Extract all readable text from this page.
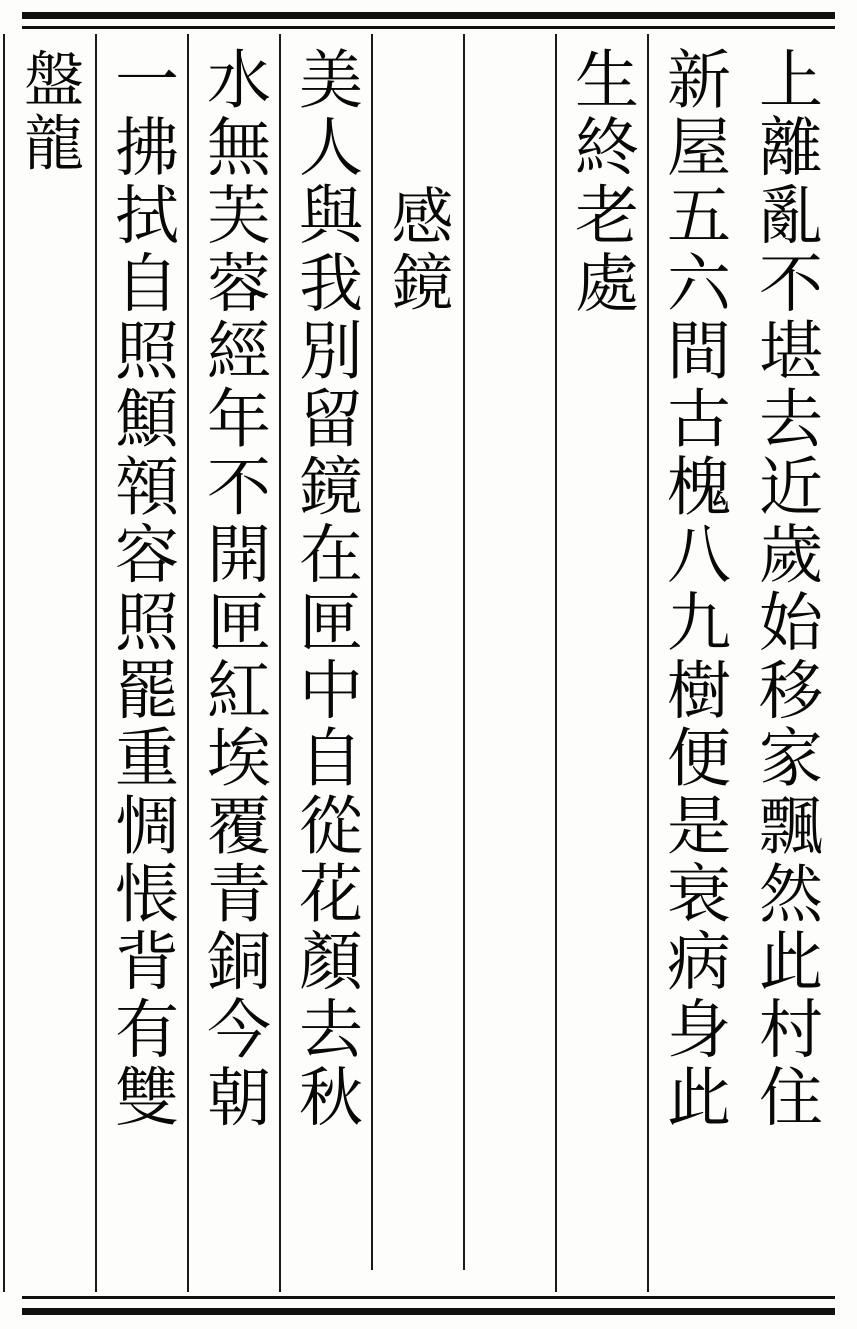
上離亂不堪去近歲始移家飄然此村住
新屋五六間古槐八九樹便是衰病身此
生終老處
感鏡
美人與我別留鏡在匣中自從花顏去秋
水無芙蓉經年不開匣紅埃覆青銅今朝
一拂拭自照顦顇容照罷重惆悵背有雙
盤龍
